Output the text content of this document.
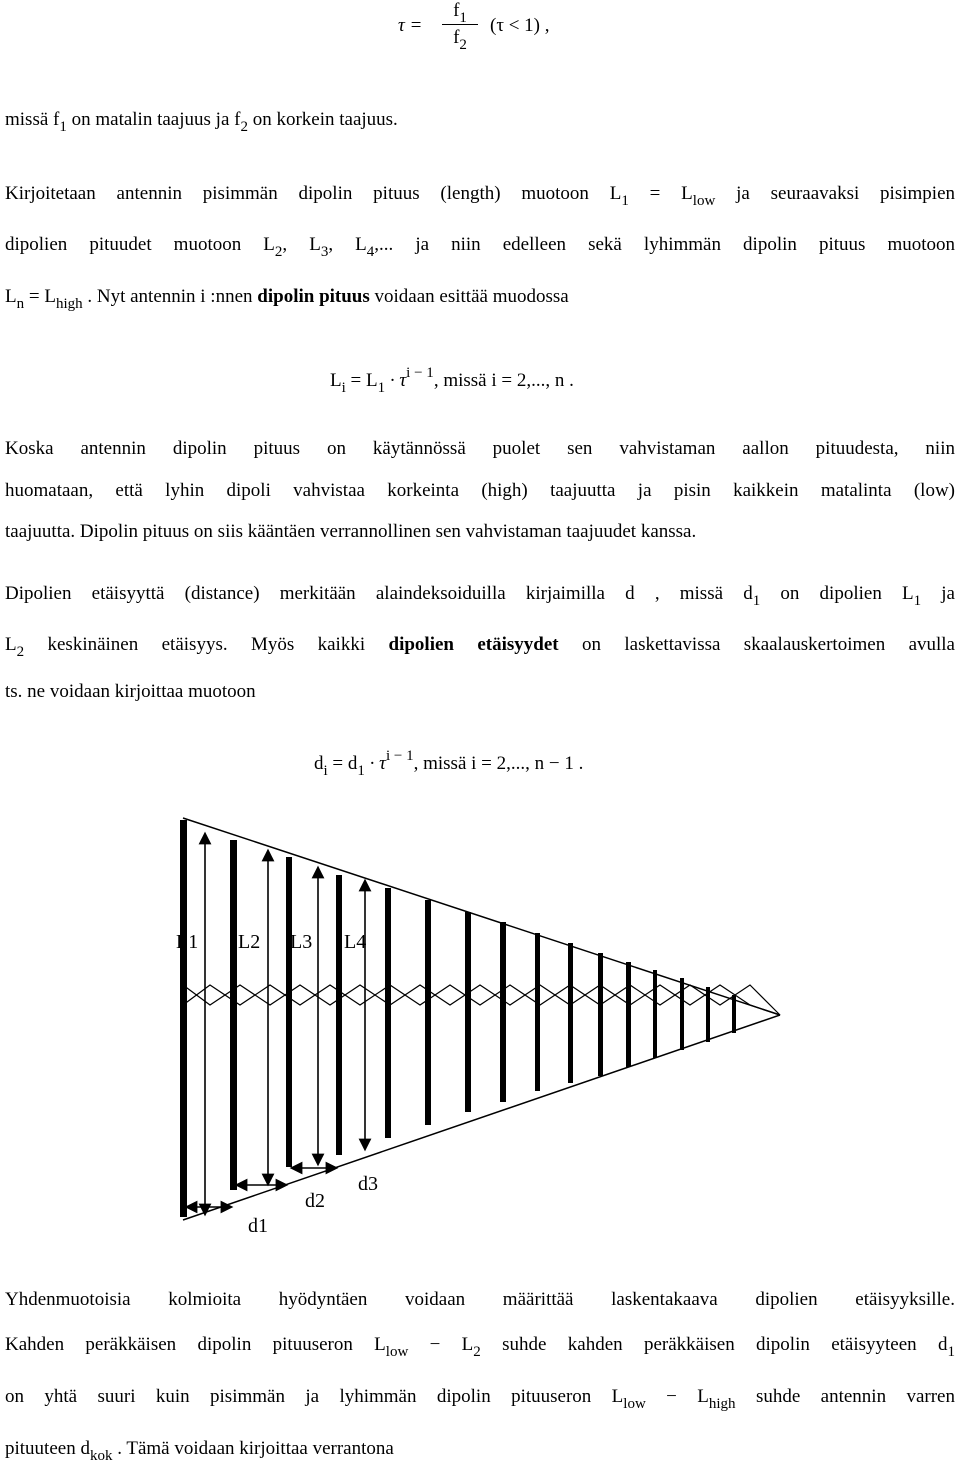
τ =
$f_1$
$f_2$
(τ < 1) ,
missä $f_1$ on matalin taajuus ja $f_2$ on korkein taajuus.
Kirjoitetaan antennin pisimmän dipolin pituus (length) muotoon $L_1 = L_{low}$ ja seuraavaksi pisimpien
dipolien pituudet muotoon $L_2$, $L_3$, $L_4$,... ja niin edelleen sekä lyhimmän dipolin pituus muotoon
$L_n = L_{high}$ . Nyt antennin i :nnen dipolin pituus voidaan esittää muodossa
$L_i = L_1 \cdot \tau^{i - 1}$, missä i = 2,..., n .
Koska antennin dipolin pituus on käytännössä puolet sen vahvistaman aallon pituudesta, niin
huomataan, että lyhin dipoli vahvistaa korkeinta (high) taajuutta ja pisin kaikkein matalinta (low)
taajuutta. Dipolin pituus on siis kääntäen verrannollinen sen vahvistaman taajuudet kanssa.
Dipolien etäisyyttä (distance) merkitään alaindeksoiduilla kirjaimilla d , missä $d_1$ on dipolien $L_1$ ja
$L_2$ keskinäinen etäisyys. Myös kaikki dipolien etäisyydet on laskettavissa skaalauskertoimen avulla
ts. ne voidaan kirjoittaa muotoon
$d_i = d_1 \cdot \tau^{i - 1}$, missä i = 2,..., n − 1 .
L1 L2 L3 L4
d1
d2
d3
Yhdenmuotoisia kolmioita hyödyntäen voidaan määrittää laskentakaava dipolien etäisyyksille.
Kahden peräkkäisen dipolin pituuseron $L_{low} - L_2$ suhde kahden peräkkäisen dipolin etäisyyteen $d_1$
on yhtä suuri kuin pisimmän ja lyhimmän dipolin pituuseron $L_{low} - L_{high}$ suhde antennin varren
pituuteen $d_{kok}$ . Tämä voidaan kirjoittaa verrantona
